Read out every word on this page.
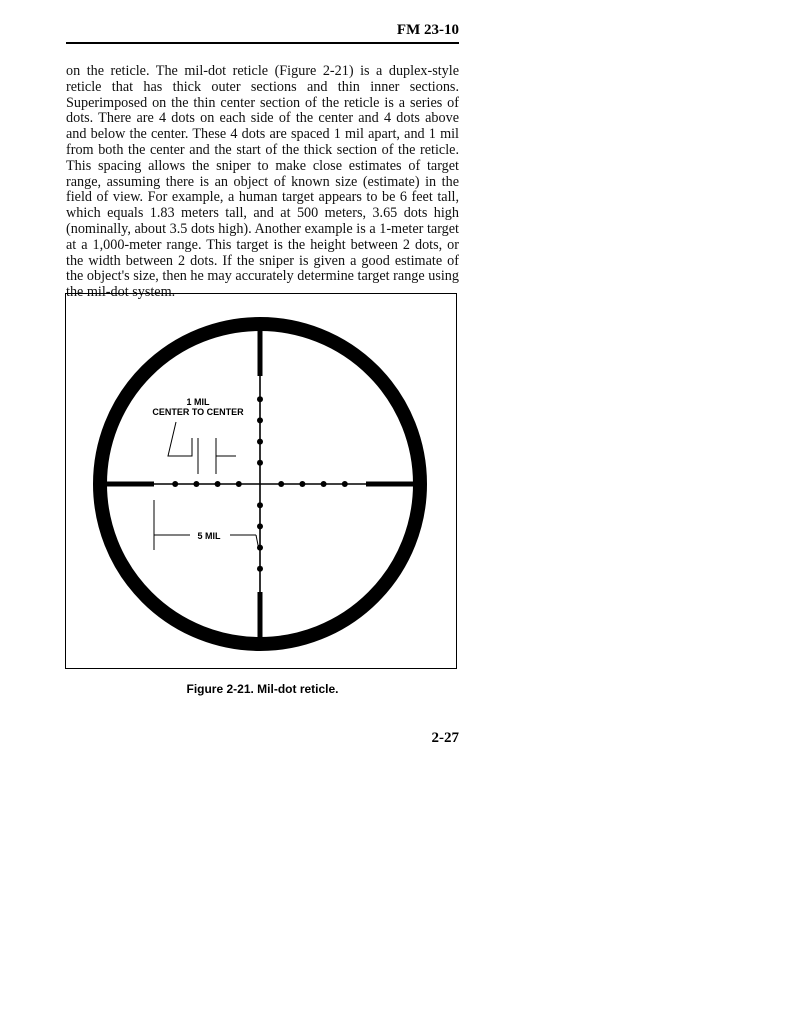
FM 23-10

on the reticle. The mil-dot reticle (Figure 2-21) is a duplex-style reticle that has thick outer sections and thin inner sections. Superimposed on the thin center section of the reticle is a series of dots. There are 4 dots on each side of the center and 4 dots above and below the center. These 4 dots are spaced 1 mil apart, and 1 mil from both the center and the start of the thick section of the reticle. This spacing allows the sniper to make close estimates of target range, assuming there is an object of known size (estimate) in the field of view. For example, a human target appears to be 6 feet tall, which equals 1.83 meters tall, and at 500 meters, 3.65 dots high (nominally, about 3.5 dots high). Another example is a 1-meter target at a 1,000-meter range. This target is the height between 2 dots, or the width between 2 dots. If the sniper is given a good estimate of the object's size, then he may accurately determine target range using the mil-dot system.

1 MIL
CENTER TO CENTER
5 MIL
Figure 2-21. Mil-dot reticle.
2-27
